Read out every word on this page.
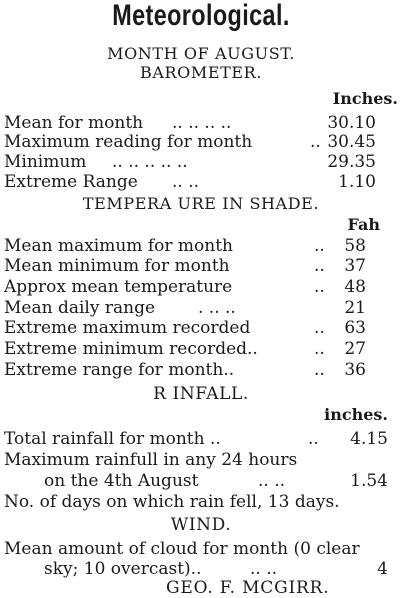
Meteorological.
MONTH OF AUGUST.
BAROMETER.
Inches.
Mean for month .. .. .. ..	30.10
Maximum reading for month	.. 30.45
Minimum .. .. .. .. ..	29.35
Extreme Range .. ..	1.10
TEMPERA URE IN SHADE.
Fah
Mean maximum for month	.. 58
Mean minimum for month	.. 37
Approx mean temperature	.. 48
Mean daily range	. .. ..	21
Extreme maximum recorded	.. 63
Extreme minimum recorded..	.. 27
Extreme range for month..	.. 36
R INFALL.
inches.
Total rainfall for month ..	.. 4.15
Maximum rainfull in any 24 hours
on the 4th August	.. ..	1.54
No. of days on which rain fell, 13 days.
WIND.
Mean amount of cloud for month (0 clear
sky; 10 overcast)..	.. ..	4
GEO. F. MCGIRR.
